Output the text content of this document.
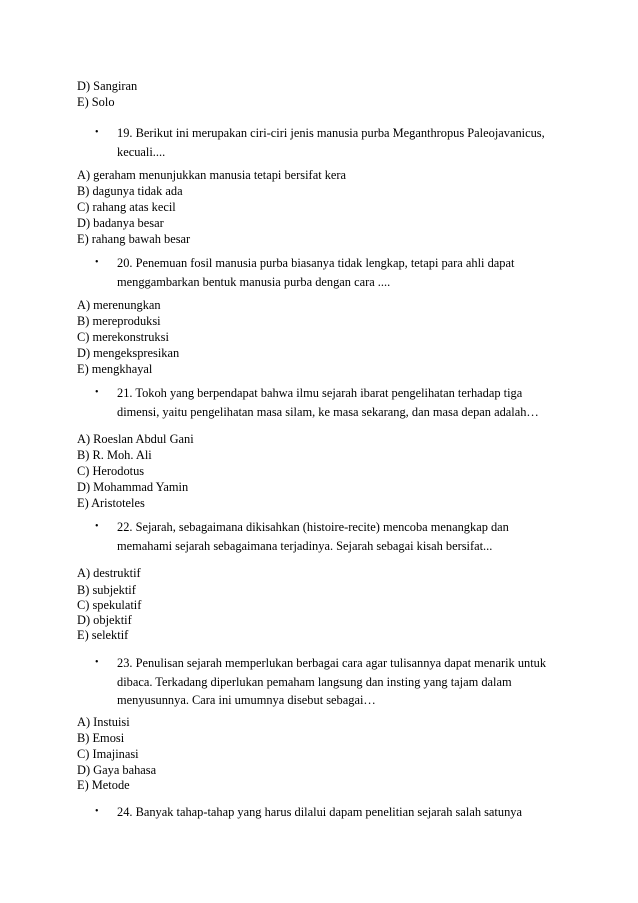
D) Sangiran
E) Solo
• 19. Berikut ini merupakan ciri-ciri jenis manusia purba Meganthropus Paleojavanicus, kecuali....
A) geraham menunjukkan manusia tetapi bersifat kera
B) dagunya tidak ada
C) rahang atas kecil
D) badanya besar
E) rahang bawah besar
• 20. Penemuan fosil manusia purba biasanya tidak lengkap, tetapi para ahli dapat menggambarkan bentuk manusia purba dengan cara ....
A) merenungkan
B) mereproduksi
C) merekonstruksi
D) mengekspresikan
E) mengkhayal
• 21. Tokoh yang berpendapat bahwa ilmu sejarah ibarat pengelihatan terhadap tiga dimensi, yaitu pengelihatan masa silam, ke masa sekarang, dan masa depan adalah…
A) Roeslan Abdul Gani
B) R. Moh. Ali
C) Herodotus
D) Mohammad Yamin
E) Aristoteles
• 22. Sejarah, sebagaimana dikisahkan (histoire-recite) mencoba menangkap dan memahami sejarah sebagaimana terjadinya. Sejarah sebagai kisah bersifat...
A) destruktif
B) subjektif
C) spekulatif
D) objektif
E) selektif
• 23. Penulisan sejarah memperlukan berbagai cara agar tulisannya dapat menarik untuk dibaca. Terkadang diperlukan pemaham langsung dan insting yang tajam dalam menyusunnya. Cara ini umumnya disebut sebagai…
A) Instuisi
B) Emosi
C) Imajinasi
D) Gaya bahasa
E) Metode
• 24. Banyak tahap-tahap yang harus dilalui dapam penelitian sejarah salah satunya
